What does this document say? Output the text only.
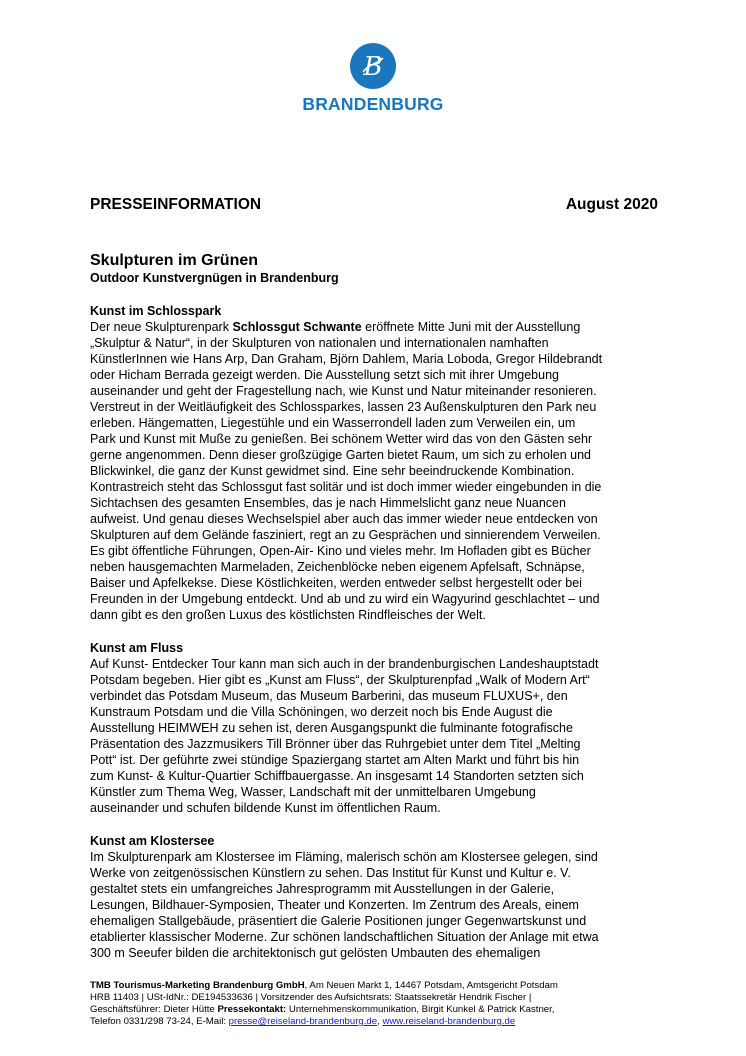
B
BRANDENBURG
PRESSEINFORMATION	August 2020
Skulpturen im Grünen
Outdoor Kunstvergnügen in Brandenburg
Kunst im Schlosspark
Der neue Skulpturenpark Schlossgut Schwante eröffnete Mitte Juni mit der Ausstellung
„Skulptur & Natur“, in der Skulpturen von nationalen und internationalen namhaften
KünstlerInnen wie Hans Arp, Dan Graham, Björn Dahlem, Maria Loboda, Gregor Hildebrandt
oder Hicham Berrada gezeigt werden. Die Ausstellung setzt sich mit ihrer Umgebung
auseinander und geht der Fragestellung nach, wie Kunst und Natur miteinander resonieren.
Verstreut in der Weitläufigkeit des Schlossparkes, lassen 23 Außenskulpturen den Park neu
erleben. Hängematten, Liegestühle und ein Wasserrondell laden zum Verweilen ein, um
Park und Kunst mit Muße zu genießen. Bei schönem Wetter wird das von den Gästen sehr
gerne angenommen. Denn dieser großzügige Garten bietet Raum, um sich zu erholen und
Blickwinkel, die ganz der Kunst gewidmet sind. Eine sehr beeindruckende Kombination.
Kontrastreich steht das Schlossgut fast solitär und ist doch immer wieder eingebunden in die
Sichtachsen des gesamten Ensembles, das je nach Himmelslicht ganz neue Nuancen
aufweist. Und genau dieses Wechselspiel aber auch das immer wieder neue entdecken von
Skulpturen auf dem Gelände fasziniert, regt an zu Gesprächen und sinnierendem Verweilen.
Es gibt öffentliche Führungen, Open-Air- Kino und vieles mehr. Im Hofladen gibt es Bücher
neben hausgemachten Marmeladen, Zeichenblöcke neben eigenem Apfelsaft, Schnäpse,
Baiser und Apfelkekse. Diese Köstlichkeiten, werden entweder selbst hergestellt oder bei
Freunden in der Umgebung entdeckt. Und ab und zu wird ein Wagyurind geschlachtet – und
dann gibt es den großen Luxus des köstlichsten Rindfleisches der Welt.
Kunst am Fluss
Auf Kunst- Entdecker Tour kann man sich auch in der brandenburgischen Landeshauptstadt
Potsdam begeben. Hier gibt es „Kunst am Fluss“, der Skulpturenpfad „Walk of Modern Art“
verbindet das Potsdam Museum, das Museum Barberini, das museum FLUXUS+, den
Kunstraum Potsdam und die Villa Schöningen, wo derzeit noch bis Ende August die
Ausstellung HEIMWEH zu sehen ist, deren Ausgangspunkt die fulminante fotografische
Präsentation des Jazzmusikers Till Brönner über das Ruhrgebiet unter dem Titel „Melting
Pott“ ist. Der geführte zwei stündige Spaziergang startet am Alten Markt und führt bis hin
zum Kunst- & Kultur-Quartier Schiffbauergasse. An insgesamt 14 Standorten setzten sich
Künstler zum Thema Weg, Wasser, Landschaft mit der unmittelbaren Umgebung
auseinander und schufen bildende Kunst im öffentlichen Raum.
Kunst am Klostersee
Im Skulpturenpark am Klostersee im Fläming, malerisch schön am Klostersee gelegen, sind
Werke von zeitgenössischen Künstlern zu sehen. Das Institut für Kunst und Kultur e. V.
gestaltet stets ein umfangreiches Jahresprogramm mit Ausstellungen in der Galerie,
Lesungen, Bildhauer-Symposien, Theater und Konzerten. Im Zentrum des Areals, einem
ehemaligen Stallgebäude, präsentiert die Galerie Positionen junger Gegenwartskunst und
etablierter klassischer Moderne. Zur schönen landschaftlichen Situation der Anlage mit etwa
300 m Seeufer bilden die architektonisch gut gelösten Umbauten des ehemaligen
TMB Tourismus-Marketing Brandenburg GmbH, Am Neuen Markt 1, 14467 Potsdam, Amtsgericht Potsdam
HRB 11403 | USt-IdNr.: DE194533636 | Vorsitzender des Aufsichtsrats: Staatssekretär Hendrik Fischer |
Geschäftsführer: Dieter Hütte Pressekontakt: Unternehmenskommunikation, Birgit Kunkel & Patrick Kastner,
Telefon 0331/298 73-24, E-Mail: presse@reiseland-brandenburg.de, www.reiseland-brandenburg.de
